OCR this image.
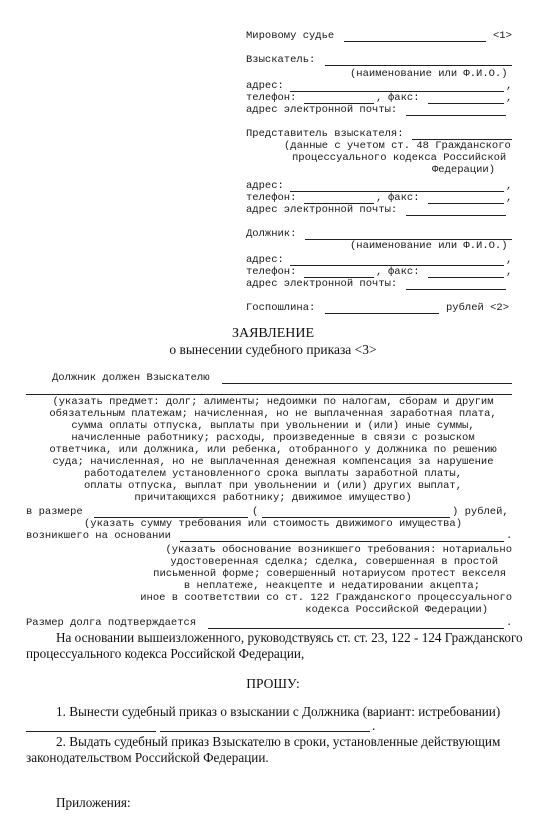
Мировому судье	<1>
Взыскатель:
(наименование или Ф.И.О.)
адрес:	,
телефон:	, факс:	,
адрес электронной почты:
Представитель взыскателя:
(данные с учетом ст. 48 Гражданского
процессуального кодекса Российской
Федерации)
адрес:	,
телефон:	, факс:	,
адрес электронной почты:
Должник:
(наименование или Ф.И.О.)
адрес:	,
телефон:	, факс:	,
адрес электронной почты:
Госпошлина:	рублей <2>
ЗАЯВЛЕНИЕ
о вынесении судебного приказа <3>
Должник должен Взыскателю
(указать предмет: долг; алименты; недоимки по налогам, сборам и другим
обязательным платежам; начисленная, но не выплаченная заработная плата,
сумма оплаты отпуска, выплаты при увольнении и (или) иные суммы,
начисленные работнику; расходы, произведенные в связи с розыском
ответчика, или должника, или ребенка, отобранного у должника по решению
суда; начисленная, но не выплаченная денежная компенсация за нарушение
работодателем установленного срока выплаты заработной платы,
оплаты отпуска, выплат при увольнении и (или) других выплат,
причитающихся работнику; движимое имущество)
в размере	(	) рублей,
(указать сумму требования или стоимость движимого имущества)
возникшего на основании	.
(указать обоснование возникшего требования: нотариально
удостоверенная сделка; сделка, совершенная в простой
письменной форме; совершенный нотариусом протест векселя
в неплатеже, неакцепте и недатировании акцепта;
иное в соответствии со ст. 122 Гражданского процессуального
кодекса Российской Федерации)
Размер долга подтверждается	.
На основании вышеизложенного, руководствуясь ст. ст. 23, 122 - 124 Гражданского
процессуального кодекса Российской Федерации,
ПРОШУ:
1. Вынести судебный приказ о взыскании с Должника (вариант: истребовании)
.
2. Выдать судебный приказ Взыскателю в сроки, установленные действующим
законодательством Российской Федерации.
Приложения:
